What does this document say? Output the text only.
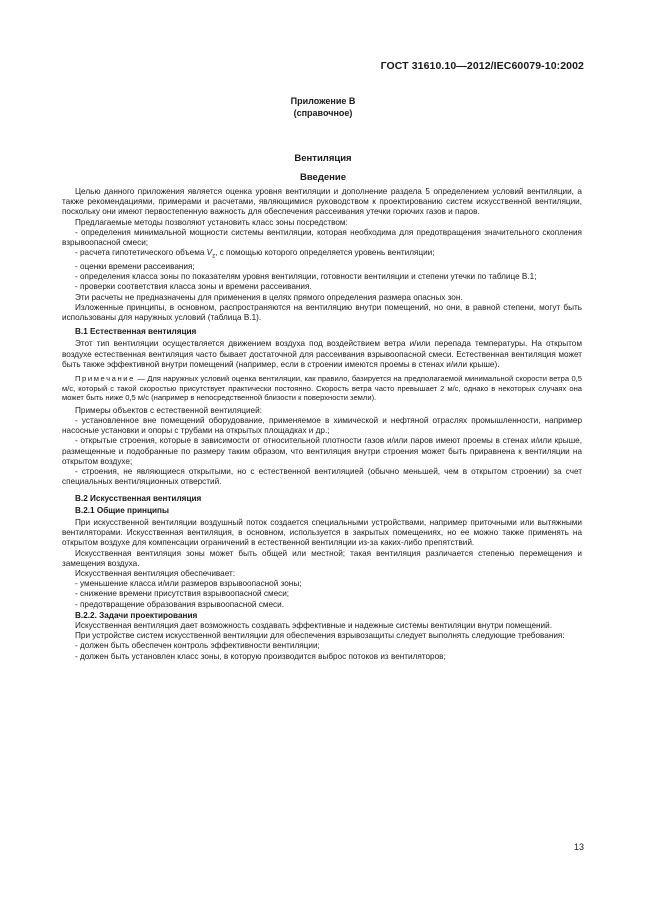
ГОСТ 31610.10—2012/IEC60079-10:2002
Приложение В
(справочное)
Вентиляция
Введение

Целью данного приложения является оценка уровня вентиляции и дополнение раздела 5 определением условий вентиляции, а также рекомендациями, примерами и расчетами, являющимися руководством к проектированию систем искусственной вентиляции, поскольку они имеют первостепенную важность для обеспечения рассеивания утечки горючих газов и паров.

Предлагаемые методы позволяют установить класс зоны посредством:

- определения минимальной мощности системы вентиляции, которая необходима для предотвращения значительного скопления взрывоопасной смеси;

- расчета гипотетического объема $V_z$, с помощью которого определяется уровень вентиляции;

- оценки времени рассеивания;

- определения класса зоны по показателям уровня вентиляции, готовности вентиляции и степени утечки по таблице В.1;

- проверки соответствия класса зоны и времени рассеивания.

Эти расчеты не предназначены для применения в целях прямого определения размера опасных зон.

Изложенные принципы, в основном, распространяются на вентиляцию внутри помещений, но они, в равной степени, могут быть использованы для наружных условий (таблица В.1).

В.1 Естественная вентиляция

Этот тип вентиляции осуществляется движением воздуха под воздействием ветра и/или перепада температуры. На открытом воздухе естественная вентиляция часто бывает достаточной для рассеивания взрывоопасной смеси. Естественная вентиляция может быть также эффективной внутри помещений (например, если в строении имеются проемы в стенах и/или крыше).

Примечание — Для наружных условий оценка вентиляции, как правило, базируется на предполагаемой минимальной скорости ветра 0,5 м/с, который с такой скоростью присутствует практически постоянно. Скорость ветра часто превышает 2 м/с, однако в некоторых случаях она может быть ниже 0,5 м/с (например в непосредственной близости к поверхности земли).

Примеры объектов с естественной вентиляцией:

- установленное вне помещений оборудование, применяемое в химической и нефтяной отраслях промышленности, например насосные установки и опоры с трубами на открытых площадках и др.;

- открытые строения, которые в зависимости от относительной плотности газов и/или паров имеют проемы в стенах и/или крыше, размещенные и подобранные по размеру таким образом, что вентиляция внутри строения может быть приравнена к вентиляции на открытом воздухе;

- строения, не являющиеся открытыми, но с естественной вентиляцией (обычно меньшей, чем в открытом строении) за счет специальных вентиляционных отверстий.

В.2 Искусственная вентиляция

В.2.1 Общие принципы

При искусственной вентиляции воздушный поток создается специальными устройствами, например приточными или вытяжными вентиляторами. Искусственная вентиляция, в основном, используется в закрытых помещениях, но ее можно также применять на открытом воздухе для компенсации ограничений в естественной вентиляции из-за каких-либо препятствий.

Искусственная вентиляция зоны может быть общей или местной; такая вентиляция различается степенью перемещения и замещения воздуха.

Искусственная вентиляция обеспечивает:

- уменьшение класса и/или размеров взрывоопасной зоны;

- снижение времени присутствия взрывоопасной смеси;

- предотвращение образования взрывоопасной смеси.

В.2.2. Задачи проектирования

Искусственная вентиляция дает возможность создавать эффективные и надежные системы вентиляции внутри помещений.

При устройстве систем искусственной вентиляции для обеспечения взрывозащиты следует выполнять следующие требования:

- должен быть обеспечен контроль эффективности вентиляции;

- должен быть установлен класс зоны, в которую производится выброс потоков из вентиляторов;

13
